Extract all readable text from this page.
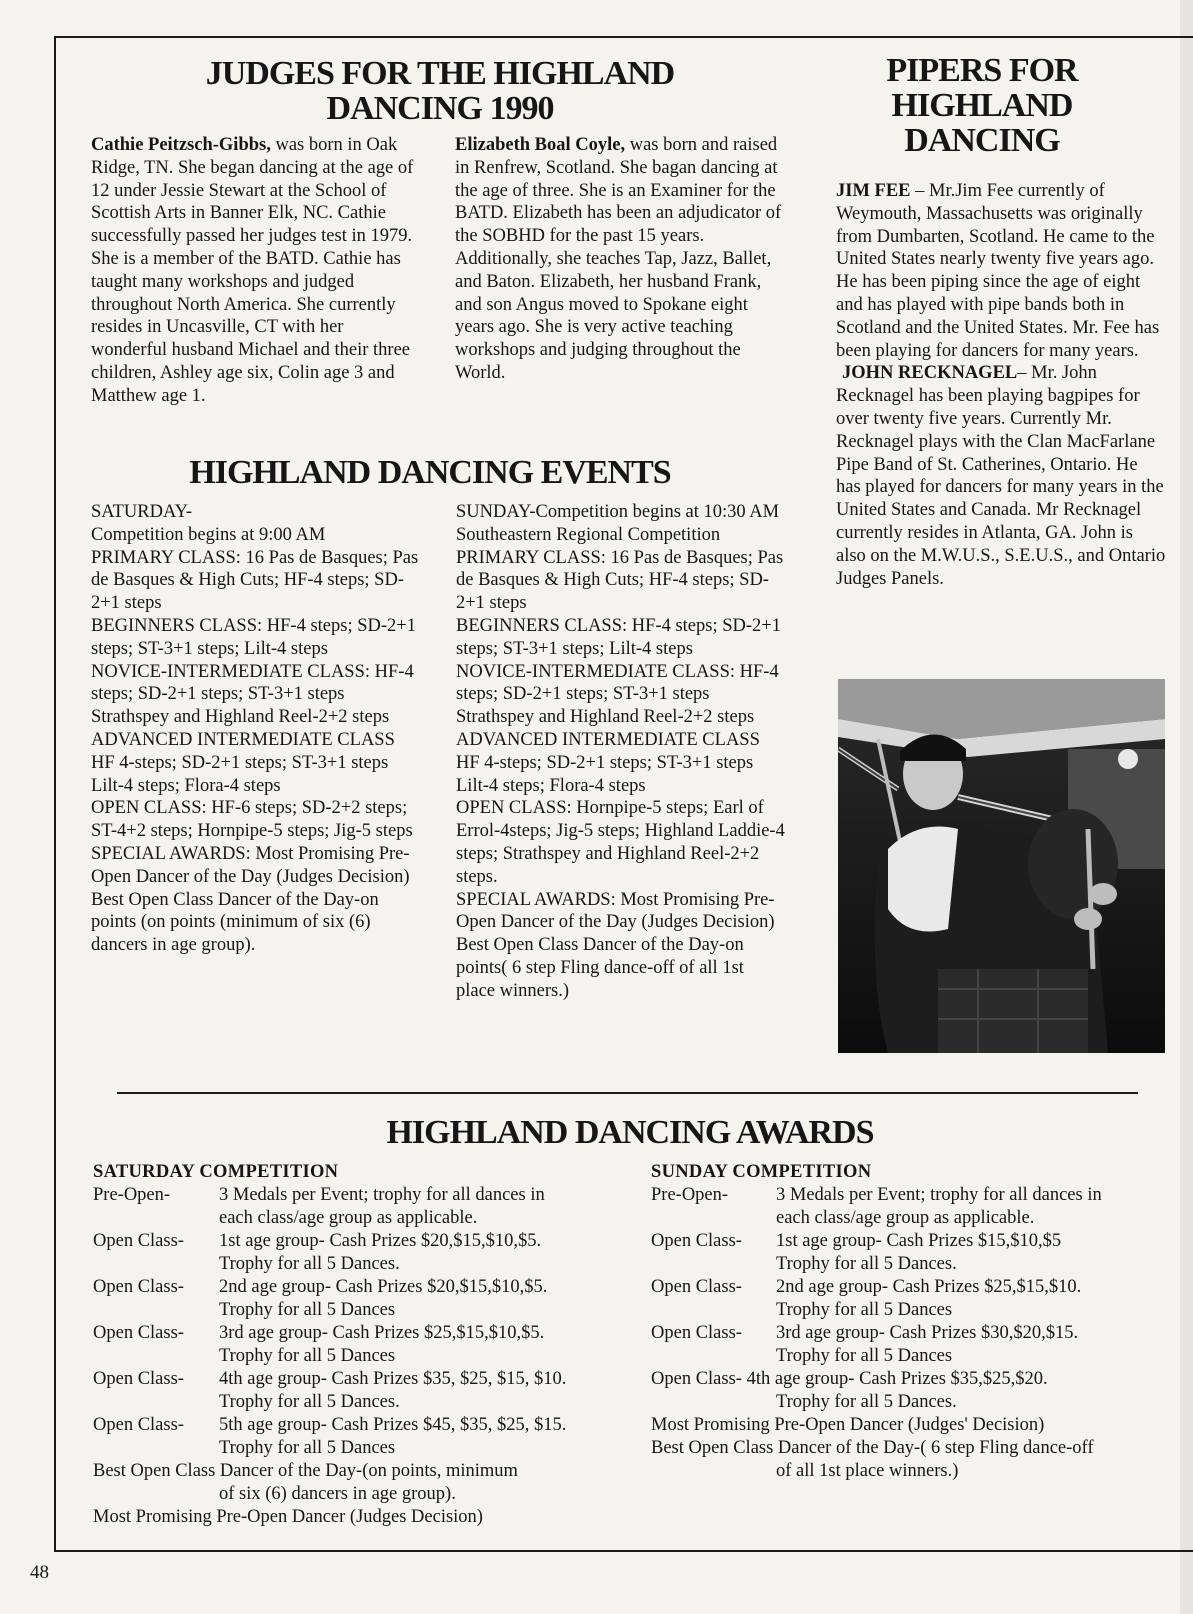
JUDGES FOR THE HIGHLAND DANCING 1990

Cathie Peitzsch-Gibbs, was born in Oak Ridge, TN. She began dancing at the age of 12 under Jessie Stewart at the School of Scottish Arts in Banner Elk, NC. Cathie successfully passed her judges test in 1979. She is a member of the BATD. Cathie has taught many workshops and judged throughout North America. She currently resides in Uncasville, CT with her wonderful husband Michael and their three children, Ashley age six, Colin age 3 and Matthew age 1.

Elizabeth Boal Coyle, was born and raised in Renfrew, Scotland. She bagan dancing at the age of three. She is an Examiner for the BATD. Elizabeth has been an adjudicator of the SOBHD for the past 15 years. Additionally, she teaches Tap, Jazz, Ballet, and Baton. Elizabeth, her husband Frank, and son Angus moved to Spokane eight years ago. She is very active teaching workshops and judging throughout the World.

PIPERS FOR HIGHLAND DANCING

JIM FEE – Mr.Jim Fee currently of Weymouth, Massachusetts was originally from Dumbarten, Scotland. He came to the United States nearly twenty five years ago. He has been piping since the age of eight and has played with pipe bands both in Scotland and the United States. Mr. Fee has been playing for dancers for many years.

JOHN RECKNAGEL– Mr. John Recknagel has been playing bagpipes for over twenty five years. Currently Mr. Recknagel plays with the Clan MacFarlane Pipe Band of St. Catherines, Ontario. He has played for dancers for many years in the United States and Canada. Mr Recknagel currently resides in Atlanta, GA. John is also on the M.W.U.S., S.E.U.S., and Ontario Judges Panels.

HIGHLAND DANCING EVENTS

SATURDAY-

Competition begins at 9:00 AM

PRIMARY CLASS: 16 Pas de Basques; Pas de Basques & High Cuts; HF-4 steps; SD-2+1 steps

BEGINNERS CLASS: HF-4 steps; SD-2+1 steps; ST-3+1 steps; Lilt-4 steps

NOVICE-INTERMEDIATE CLASS: HF-4 steps; SD-2+1 steps; ST-3+1 steps Strathspey and Highland Reel-2+2 steps

ADVANCED INTERMEDIATE CLASS HF 4-steps; SD-2+1 steps; ST-3+1 steps Lilt-4 steps; Flora-4 steps

OPEN CLASS: HF-6 steps; SD-2+2 steps; ST-4+2 steps; Hornpipe-5 steps; Jig-5 steps

SPECIAL AWARDS: Most Promising Pre-Open Dancer of the Day (Judges Decision) Best Open Class Dancer of the Day-on points (on points (minimum of six (6) dancers in age group).

SUNDAY-Competition begins at 10:30 AM Southeastern Regional Competition

PRIMARY CLASS: 16 Pas de Basques; Pas de Basques & High Cuts; HF-4 steps; SD-2+1 steps

BEGINNERS CLASS: HF-4 steps; SD-2+1 steps; ST-3+1 steps; Lilt-4 steps

NOVICE-INTERMEDIATE CLASS: HF-4 steps; SD-2+1 steps; ST-3+1 steps Strathspey and Highland Reel-2+2 steps

ADVANCED INTERMEDIATE CLASS HF 4-steps; SD-2+1 steps; ST-3+1 steps Lilt-4 steps; Flora-4 steps

OPEN CLASS: Hornpipe-5 steps; Earl of Errol-4steps; Jig-5 steps; Highland Laddie-4 steps; Strathspey and Highland Reel-2+2 steps.

SPECIAL AWARDS: Most Promising Pre-Open Dancer of the Day (Judges Decision) Best Open Class Dancer of the Day-on points( 6 step Fling dance-off of all 1st place winners.)

HIGHLAND DANCING AWARDS
SATURDAY COMPETITION
Pre-Open-	3 Medals per Event; trophy for all dances in
each class/age group as applicable.
Open Class- 1st age group- Cash Prizes $20,$15,$10,$5.
Trophy for all 5 Dances.
Open Class- 2nd age group- Cash Prizes $20,$15,$10,$5.
Trophy for all 5 Dances
Open Class- 3rd age group- Cash Prizes $25,$15,$10,$5.
Trophy for all 5 Dances
Open Class- 4th age group- Cash Prizes $35, $25, $15, $10.
Trophy for all 5 Dances.
Open Class- 5th age group- Cash Prizes $45, $35, $25, $15.
Trophy for all 5 Dances
Best Open Class Dancer of the Day-(on points, minimum
of six (6) dancers in age group).
Most Promising Pre-Open Dancer (Judges Decision)
SUNDAY COMPETITION
Pre-Open-	3 Medals per Event; trophy for all dances in
each class/age group as applicable.
Open Class- 1st age group- Cash Prizes $15,$10,$5
Trophy for all 5 Dances.
Open Class- 2nd age group- Cash Prizes $25,$15,$10.
Trophy for all 5 Dances
Open Class- 3rd age group- Cash Prizes $30,$20,$15.
Trophy for all 5 Dances
Open Class- 4th age group- Cash Prizes $35,$25,$20.
Trophy for all 5 Dances.
Most Promising Pre-Open Dancer (Judges' Decision)
Best Open Class Dancer of the Day-( 6 step Fling dance-off
of all 1st place winners.)
48
